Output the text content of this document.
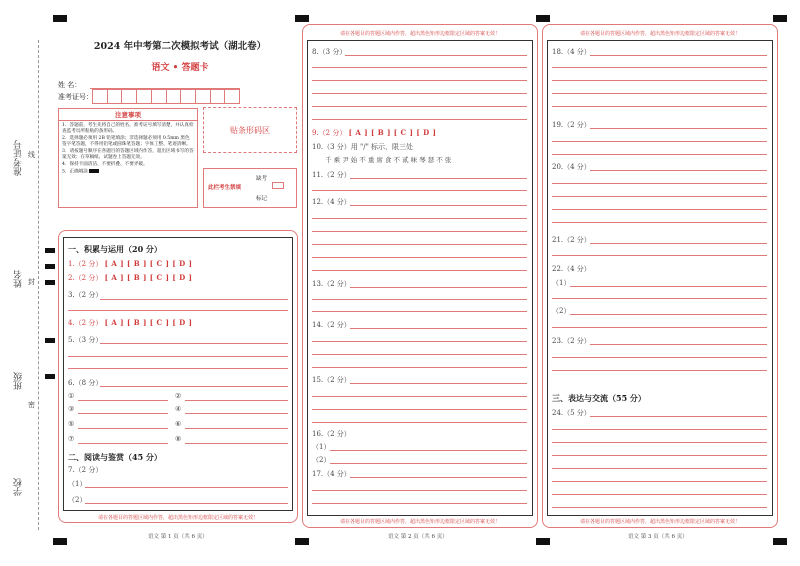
准考证号
姓名
班级
学校
线
封
密
2024 年中考第二次模拟考试（湖北卷）
语文 • 答题卡
姓 名：
准考证号：
注意事项
1．答题前，考生先将自己的姓名，准考证号填写清楚，并认真检查监考员所粘贴的条形码。
2．选择题必须用 2B 铅笔填涂；非选择题必须用 0.5mm 黑色签字笔答题，不得用铅笔或圆珠笔答题；字体工整、笔迹清晰。
3．请按题号顺序在各题目的答题区域内作答，超出区域书写的答案无效；在草稿纸、试题卷上答题无效。
4．保持卡面清洁，不要折叠、不要弄破。
5．正确填涂
贴条形码区
此栏考生禁填
缺考
标记
请在各题目的答题区域内作答，超出黑色矩形边框限定区域的答案无效！
一、积累与运用（20 分）
1.（2 分） [ A ] [ B ] [ C ] [ D ]
2.（2 分） [ A ] [ B ] [ C ] [ D ]
3.（2 分）
4.（2 分） [ A ] [ B ] [ C ] [ D ]
5.（3 分）
6.（8 分）
①	②
③	④
⑤	⑥
⑦	⑧
二、阅读与鉴赏（45 分）
7.（2 分）
（1）
（2）
语文 第 1 页（共 6 页）
请在各题目的答题区域内作答，超出黑色矩形边框限定区域的答案无效！
请在各题目的答题区域内作答，超出黑色矩形边框限定区域的答案无效！
8.（3 分）
9.（2 分） [ A ] [ B ] [ C ] [ D ]
10.（3 分）用 "/" 标示，限三处
千 乘 尹 始 不 重 席 食 不 贰 味 琴 瑟 不 张
11.（2 分）
12.（4 分）
13.（2 分）
14.（2 分）
15.（2 分）
16.（2 分）
（1）
（2）
17.（4 分）
语文 第 2 页（共 6 页）
请在各题目的答题区域内作答，超出黑色矩形边框限定区域的答案无效！
请在各题目的答题区域内作答，超出黑色矩形边框限定区域的答案无效！
18.（4 分）
19.（2 分）
20.（4 分）
21.（2 分）
22.（4 分）
（1）
（2）
23.（2 分）
三、表达与交流（55 分）
24.（5 分）
语文 第 3 页（共 6 页）
